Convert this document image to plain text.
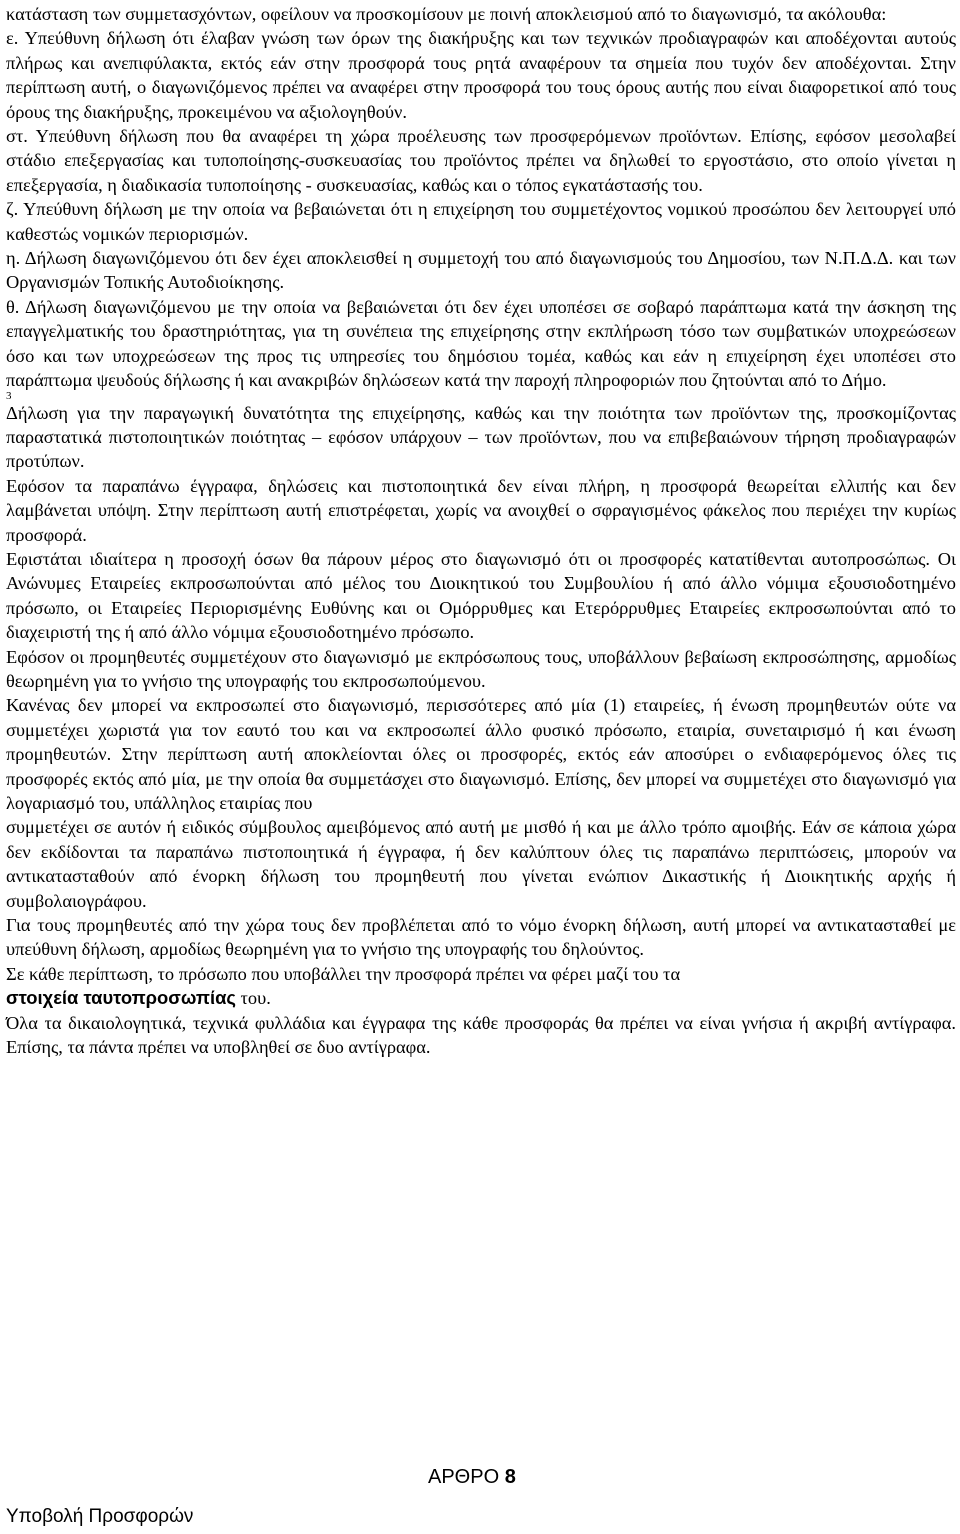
κατάσταση των συμμετασχόντων, οφείλουν να προσκομίσουν με ποινή αποκλεισμού από το διαγωνισμό, τα ακόλουθα:

ε. Υπεύθυνη δήλωση ότι έλαβαν γνώση των όρων της διακήρυξης και των τεχνικών προδιαγραφών και αποδέχονται αυτούς πλήρως και ανεπιφύλακτα, εκτός εάν στην προσφορά τους ρητά αναφέρουν τα σημεία που τυχόν δεν αποδέχονται. Στην περίπτωση αυτή, ο διαγωνιζόμενος πρέπει να αναφέρει στην προσφορά του τους όρους αυτής που είναι διαφορετικοί από τους όρους της διακήρυξης, προκειμένου να αξιολογηθούν.

στ. Υπεύθυνη δήλωση που θα αναφέρει τη χώρα προέλευσης των προσφερόμενων προϊόντων. Επίσης, εφόσον μεσολαβεί στάδιο επεξεργασίας και τυποποίησης-συσκευασίας του προϊόντος πρέπει να δηλωθεί το εργοστάσιο, στο οποίο γίνεται η επεξεργασία, η διαδικασία τυποποίησης - συσκευασίας, καθώς και ο τόπος εγκατάστασής του.

ζ. Υπεύθυνη δήλωση με την οποία να βεβαιώνεται ότι η επιχείρηση του συμμετέχοντος νομικού προσώπου δεν λειτουργεί υπό καθεστώς νομικών περιορισμών.

η. Δήλωση διαγωνιζόμενου ότι δεν έχει αποκλεισθεί η συμμετοχή του από διαγωνισμούς του Δημοσίου, των Ν.Π.Δ.Δ. και των Οργανισμών Τοπικής Αυτοδιοίκησης.

θ. Δήλωση διαγωνιζόμενου με την οποία να βεβαιώνεται ότι δεν έχει υποπέσει σε σοβαρό παράπτωμα κατά την άσκηση της επαγγελματικής του δραστηριότητας, για τη συνέπεια της επιχείρησης στην εκπλήρωση τόσο των συμβατικών υποχρεώσεων όσο και των υποχρεώσεων της προς τις υπηρεσίες του δημόσιου τομέα, καθώς και εάν η επιχείρηση έχει υποπέσει στο παράπτωμα ψευδούς δήλωσης ή και ανακριβών δηλώσεων κατά την παροχή πληροφοριών που ζητούνται από το Δήμο.

3

Δήλωση για την παραγωγική δυνατότητα της επιχείρησης, καθώς και την ποιότητα των προϊόντων της, προσκομίζοντας παραστατικά πιστοποιητικών ποιότητας – εφόσον υπάρχουν – των προϊόντων, που να επιβεβαιώνουν τήρηση προδιαγραφών προτύπων.

Εφόσον τα παραπάνω έγγραφα, δηλώσεις και πιστοποιητικά δεν είναι πλήρη, η προσφορά θεωρείται ελλιπής και δεν λαμβάνεται υπόψη. Στην περίπτωση αυτή επιστρέφεται, χωρίς να ανοιχθεί ο σφραγισμένος φάκελος που περιέχει την κυρίως προσφορά.

Εφιστάται ιδιαίτερα η προσοχή όσων θα πάρουν μέρος στο διαγωνισμό ότι οι προσφορές κατατίθενται αυτοπροσώπως. Οι Ανώνυμες Εταιρείες εκπροσωπούνται από μέλος του Διοικητικού του Συμβουλίου ή από άλλο νόμιμα εξουσιοδοτημένο πρόσωπο, οι Εταιρείες Περιορισμένης Ευθύνης και οι Ομόρρυθμες και Ετερόρρυθμες Εταιρείες εκπροσωπούνται από το διαχειριστή της ή από άλλο νόμιμα εξουσιοδοτημένο πρόσωπο.

Εφόσον οι προμηθευτές συμμετέχουν στο διαγωνισμό με εκπρόσωπους τους, υποβάλλουν βεβαίωση εκπροσώπησης, αρμοδίως θεωρημένη για το γνήσιο της υπογραφής του εκπροσωπούμενου.

Κανένας δεν μπορεί να εκπροσωπεί στο διαγωνισμό, περισσότερες από μία (1) εταιρείες, ή ένωση προμηθευτών ούτε να συμμετέχει χωριστά για τον εαυτό του και να εκπροσωπεί άλλο φυσικό πρόσωπο, εταιρία, συνεταιρισμό ή και ένωση προμηθευτών. Στην περίπτωση αυτή αποκλείονται όλες οι προσφορές, εκτός εάν αποσύρει ο ενδιαφερόμενος όλες τις προσφορές εκτός από μία, με την οποία θα συμμετάσχει στο διαγωνισμό. Επίσης, δεν μπορεί να συμμετέχει στο διαγωνισμό για λογαριασμό του, υπάλληλος εταιρίας που

συμμετέχει σε αυτόν ή ειδικός σύμβουλος αμειβόμενος από αυτή με μισθό ή και με άλλο τρόπο αμοιβής. Εάν σε κάποια χώρα δεν εκδίδονται τα παραπάνω πιστοποιητικά ή έγγραφα, ή δεν καλύπτουν όλες τις παραπάνω περιπτώσεις, μπορούν να αντικατασταθούν από ένορκη δήλωση του προμηθευτή που γίνεται ενώπιον Δικαστικής ή Διοικητικής αρχής ή συμβολαιογράφου.

Για τους προμηθευτές από την χώρα τους δεν προβλέπεται από το νόμο ένορκη δήλωση, αυτή μπορεί να αντικατασταθεί με υπεύθυνη δήλωση, αρμοδίως θεωρημένη για το γνήσιο της υπογραφής του δηλούντος.

Σε κάθε περίπτωση, το πρόσωπο που υποβάλλει την προσφορά πρέπει να φέρει μαζί του τα
στοιχεία ταυτοπροσωπίας του.

Όλα τα δικαιολογητικά, τεχνικά φυλλάδια και έγγραφα της κάθε προσφοράς θα πρέπει να είναι γνήσια ή ακριβή αντίγραφα. Επίσης, τα πάντα πρέπει να υποβληθεί σε δυο αντίγραφα.

ΑΡΘΡΟ 8
Υποβολή Προσφορών
